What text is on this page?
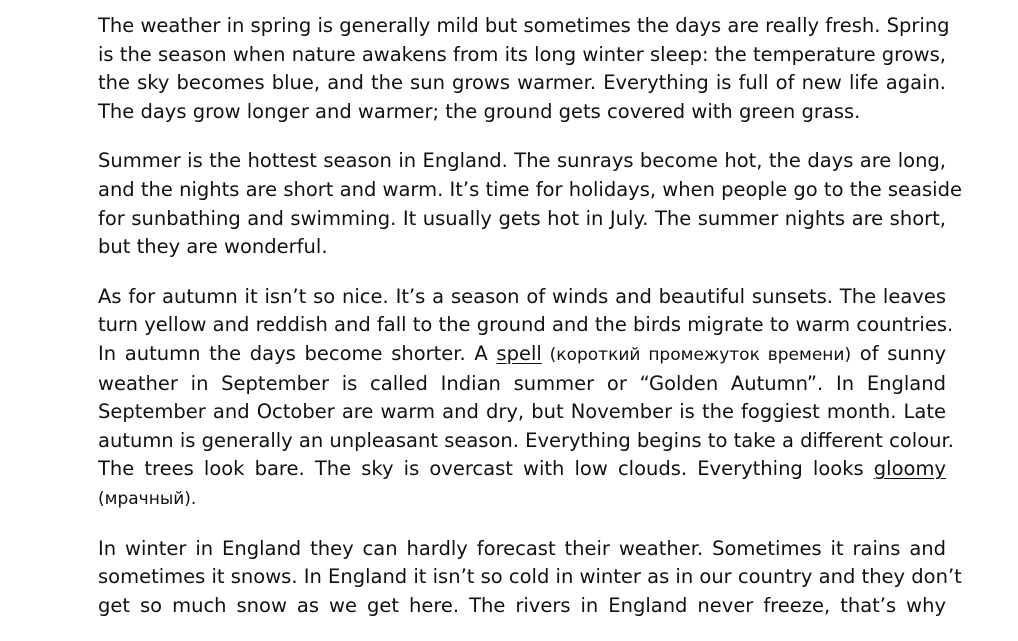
The weather in spring is generally mild but sometimes the days are really fresh. Spring
is the season when nature awakens from its long winter sleep: the temperature grows,
the sky becomes blue, and the sun grows warmer. Everything is full of new life again.
The days grow longer and warmer; the ground gets covered with green grass.

Summer is the hottest season in England. The sunrays become hot, the days are long,
and the nights are short and warm. It’s time for holidays, when people go to the seaside
for sunbathing and swimming. It usually gets hot in July. The summer nights are short,
but they are wonderful.

As for autumn it isn’t so nice. It’s a season of winds and beautiful sunsets. The leaves
turn yellow and reddish and fall to the ground and the birds migrate to warm countries.
In autumn the days become shorter. A spell (короткий промежуток времени) of sunny
weather in September is called Indian summer or “Golden Autumn”. In England
September and October are warm and dry, but November is the foggiest month. Late
autumn is generally an unpleasant season. Everything begins to take a different colour.
The trees look bare. The sky is overcast with low clouds. Everything looks gloomy
(мрачный).

In winter in England they can hardly forecast their weather. Sometimes it rains and
sometimes it snows. In England it isn’t so cold in winter as in our country and they don’t
get so much snow as we get here. The rivers in England never freeze, that’s why
